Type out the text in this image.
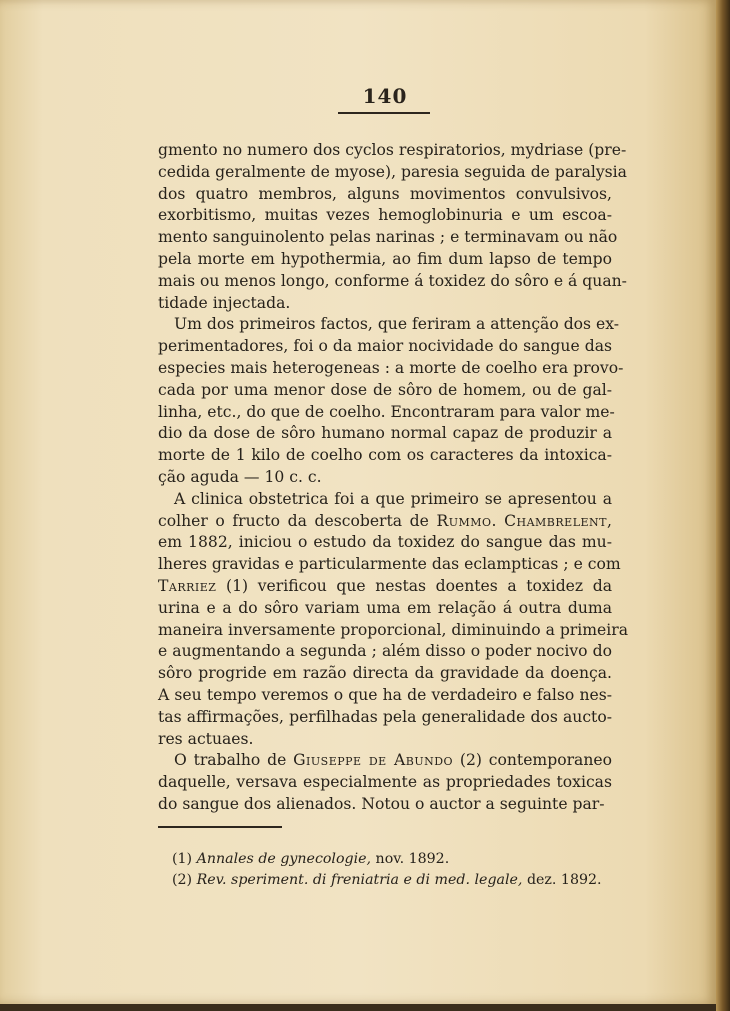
140
gmento no numero dos cyclos respiratorios, mydriase (pre-
cedida geralmente de myose), paresia seguida de paralysia
dos quatro membros, alguns movimentos convulsivos,
exorbitismo, muitas vezes hemoglobinuria e um escoa-
mento sanguinolento pelas narinas ; e terminavam ou não
pela morte em hypothermia, ao fim dum lapso de tempo
mais ou menos longo, conforme á toxidez do sôro e á quan-
tidade injectada.
Um dos primeiros factos, que feriram a attenção dos ex-
perimentadores, foi o da maior nocividade do sangue das
especies mais heterogeneas : a morte de coelho era provo-
cada por uma menor dose de sôro de homem, ou de gal-
linha, etc., do que de coelho. Encontraram para valor me-
dio da dose de sôro humano normal capaz de produzir a
morte de 1 kilo de coelho com os caracteres da intoxica-
ção aguda — 10 c. c.
A clinica obstetrica foi a que primeiro se apresentou a
colher o fructo da descoberta de Rummo. Chambrelent,
em 1882, iniciou o estudo da toxidez do sangue das mu-
lheres gravidas e particularmente das eclampticas ; e com
Tarriez (1) verificou que nestas doentes a toxidez da
urina e a do sôro variam uma em relação á outra duma
maneira inversamente proporcional, diminuindo a primeira
e augmentando a segunda ; além disso o poder nocivo do
sôro progride em razão directa da gravidade da doença.
A seu tempo veremos o que ha de verdadeiro e falso nes-
tas affirmações, perfilhadas pela generalidade dos aucto-
res actuaes.
O trabalho de Giuseppe de Abundo (2) contemporaneo
daquelle, versava especialmente as propriedades toxicas
do sangue dos alienados. Notou o auctor a seguinte par-
(1) Annales de gynecologie, nov. 1892.
(2) Rev. speriment. di freniatria e di med. legale, dez. 1892.
